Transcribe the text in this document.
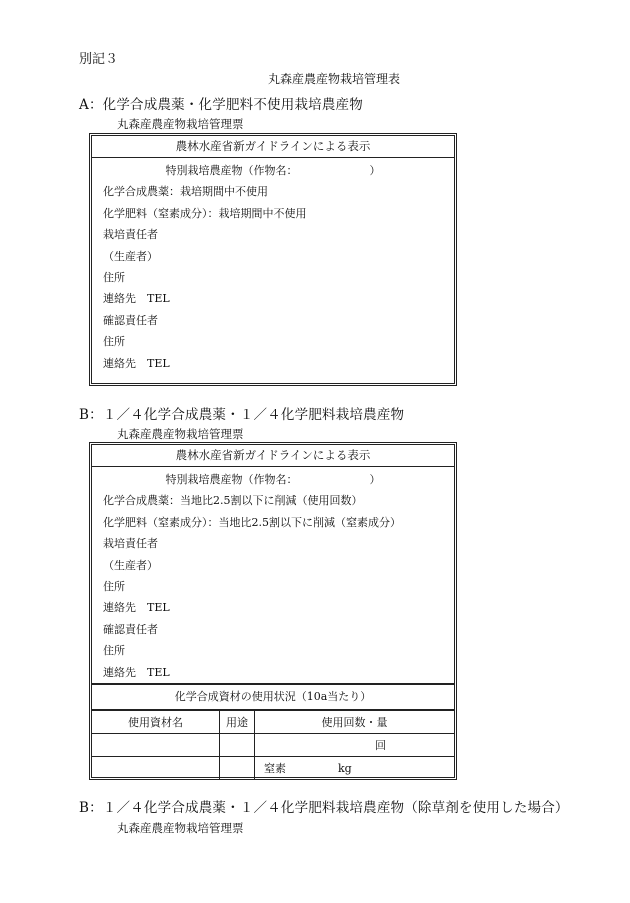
別記３
丸森産農産物栽培管理表
A：化学合成農薬・化学肥料不使用栽培農産物
丸森産農産物栽培管理票
農林水産省新ガイドラインによる表示
特別栽培農産物（作物名：	）
化学合成農薬：栽培期間中不使用
化学肥料（窒素成分）：栽培期間中不使用
栽培責任者
（生産者）
住所
連絡先　TEL
確認責任者
住所
連絡先　TEL
B：１／４化学合成農薬・１／４化学肥料栽培農産物
丸森産農産物栽培管理票
農林水産省新ガイドラインによる表示
特別栽培農産物（作物名：	）
化学合成農薬：当地比2.5割以下に削減（使用回数）
化学肥料（窒素成分）：当地比2.5割以下に削減（窒素成分）
栽培責任者
（生産者）
住所
連絡先　TEL
確認責任者
住所
連絡先　TEL
化学合成資材の使用状況（10a当たり）
使用資材名	用途	使用回数・量
		回
		窒素 kg
B：１／４化学合成農薬・１／４化学肥料栽培農産物（除草剤を使用した場合）
丸森産農産物栽培管理票
